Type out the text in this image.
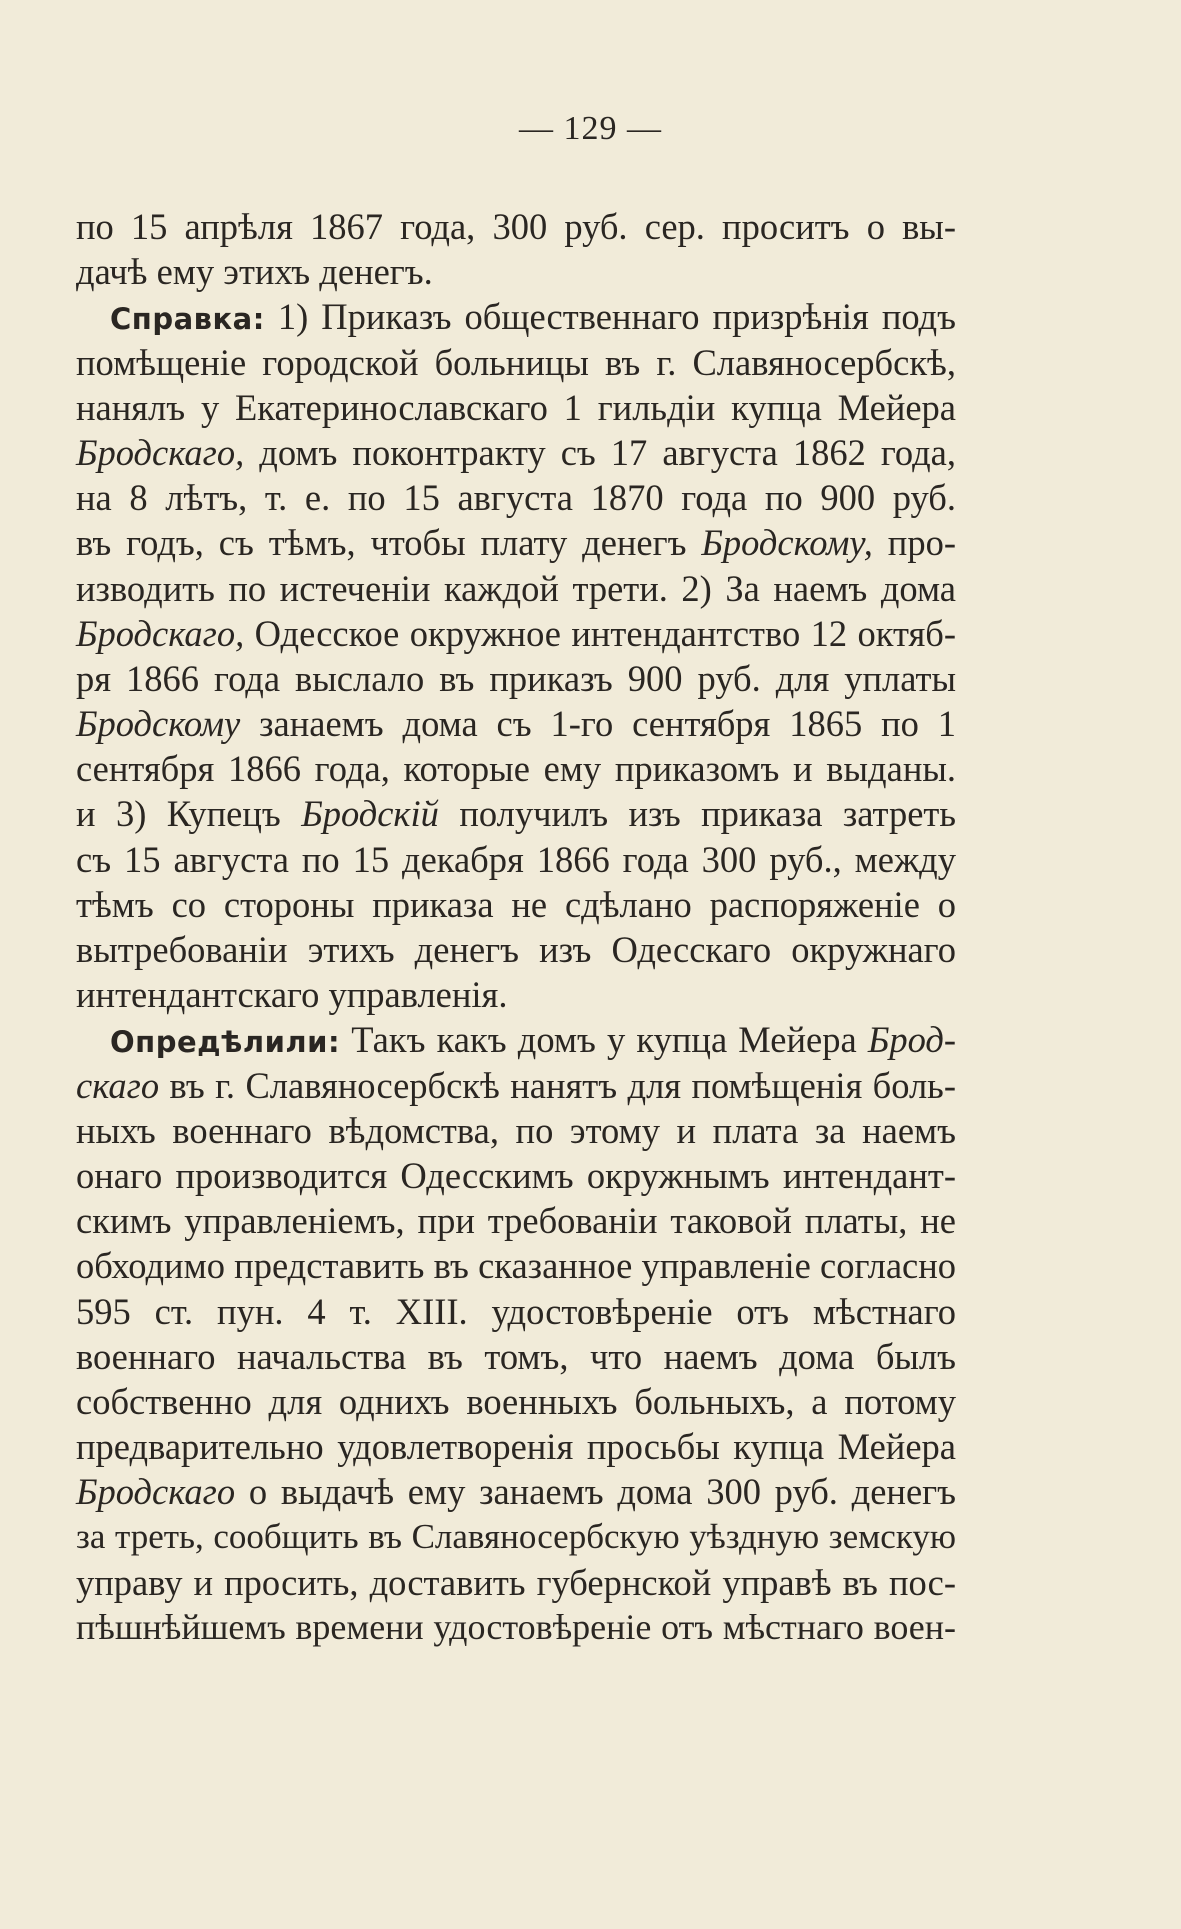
— 129 —
по 15 апрѣля 1867 года, 300 руб. сер. проситъ о вы-
дачѣ ему этихъ денегъ.
Справка: 1) Приказъ общественнаго призрѣнія подъ
помѣщеніе городской больницы въ г. Славяносербскѣ,
нанялъ у Екатеринославскаго 1 гильдіи купца Мейера
Бродскаго, домъ поконтракту съ 17 августа 1862 года,
на 8 лѣтъ, т. е. по 15 августа 1870 года по 900 руб.
въ годъ, съ тѣмъ, чтобы плату денегъ Бродскому, про-
изводить по истеченіи каждой трети. 2) За наемъ дома
Бродскаго, Одесское окружное интендантство 12 октяб-
ря 1866 года выслало въ приказъ 900 руб. для уплаты
Бродскому занаемъ дома съ 1-го сентября 1865 по 1
сентября 1866 года, которые ему приказомъ и выданы.
и 3) Купецъ Бродскій получилъ изъ приказа затреть
съ 15 августа по 15 декабря 1866 года 300 руб., между
тѣмъ со стороны приказа не сдѣлано распоряженіе о
вытребованіи этихъ денегъ изъ Одесскаго окружнаго
интендантскаго управленія.
Опредѣлили: Такъ какъ домъ у купца Мейера Брод-
скаго въ г. Славяносербскѣ нанятъ для помѣщенія боль-
ныхъ военнаго вѣдомства, по этому и плата за наемъ
онаго производится Одесскимъ окружнымъ интендант-
скимъ управленіемъ, при требованіи таковой платы, не
обходимо представить въ сказанное управленіе согласно
595 ст. пун. 4 т. XIII. удостовѣреніе отъ мѣстнаго
военнаго начальства въ томъ, что наемъ дома былъ
собственно для однихъ военныхъ больныхъ, а потому
предварительно удовлетворенія просьбы купца Мейера
Бродскаго о выдачѣ ему занаемъ дома 300 руб. денегъ
за треть, сообщить въ Славяносербскую уѣздную земскую
управу и просить, доставить губернской управѣ въ пос-
пѣшнѣйшемъ времени удостовѣреніе отъ мѣстнаго воен-
